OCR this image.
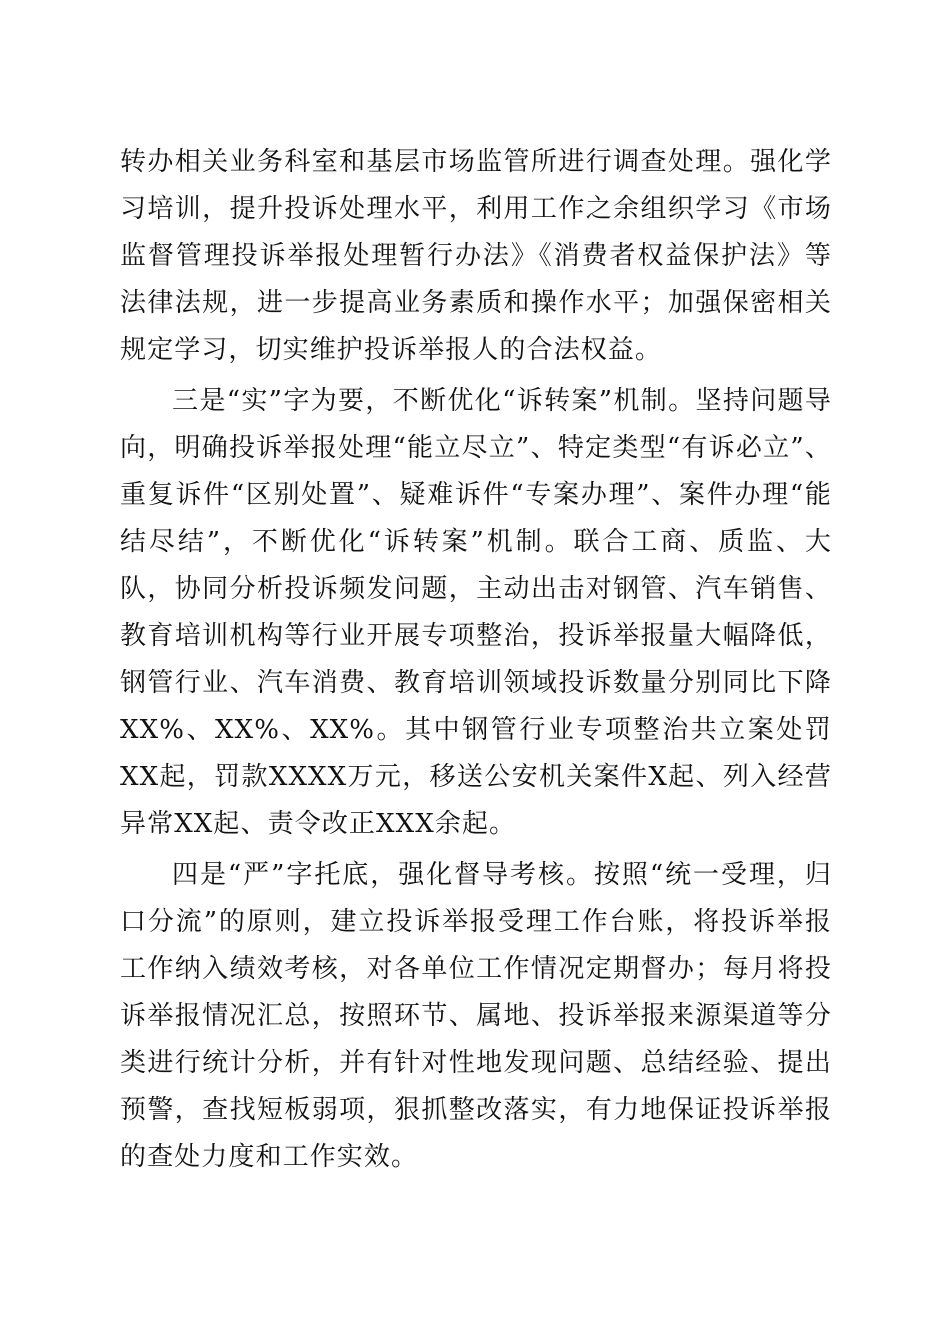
转办相关业务科室和基层市场监管所进行调查处理。强化学习培训，提升投诉处理水平，利用工作之余组织学习《市场监督管理投诉举报处理暂行办法》《消费者权益保护法》等法律法规，进一步提高业务素质和操作水平；加强保密相关规定学习，切实维护投诉举报人的合法权益。

三是“实”字为要，不断优化“诉转案”机制。坚持问题导向，明确投诉举报处理“能立尽立”、特定类型“有诉必立”、重复诉件“区别处置”、疑难诉件“专案办理”、案件办理“能结尽结”，不断优化“诉转案”机制。联合工商、质监、大队，协同分析投诉频发问题，主动出击对钢管、汽车销售、教育培训机构等行业开展专项整治，投诉举报量大幅降低，钢管行业、汽车消费、教育培训领域投诉数量分别同比下降XX%、XX%、XX%。其中钢管行业专项整治共立案处罚XX起，罚款XXXX万元，移送公安机关案件X起、列入经营异常XX起、责令改正XXX余起。

四是“严”字托底，强化督导考核。按照“统一受理，归口分流”的原则，建立投诉举报受理工作台账，将投诉举报工作纳入绩效考核，对各单位工作情况定期督办；每月将投诉举报情况汇总，按照环节、属地、投诉举报来源渠道等分类进行统计分析，并有针对性地发现问题、总结经验、提出预警，查找短板弱项，狠抓整改落实，有力地保证投诉举报的查处力度和工作实效。
